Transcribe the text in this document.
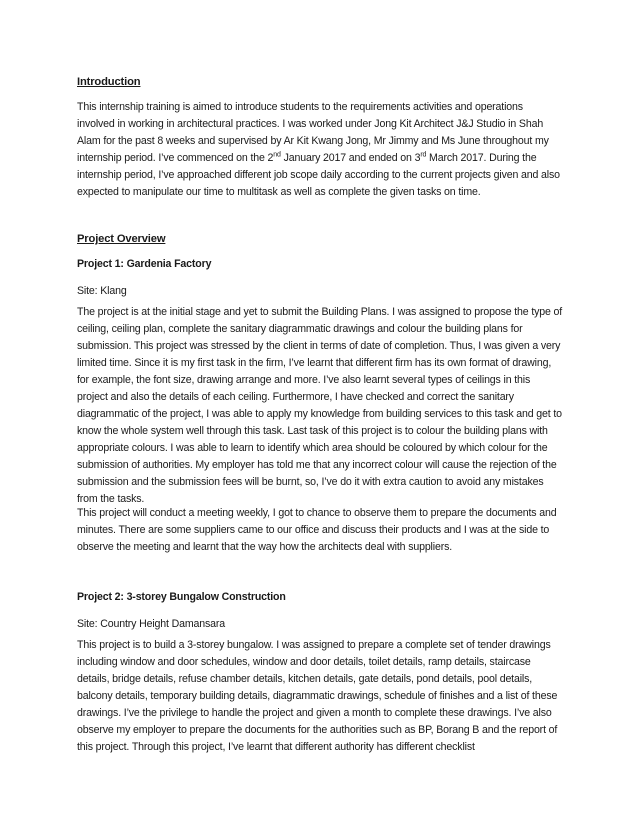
Introduction

This internship training is aimed to introduce students to the requirements activities and operations involved in working in architectural practices. I was worked under Jong Kit Architect J&J Studio in Shah Alam for the past 8 weeks and supervised by Ar Kit Kwang Jong, Mr Jimmy and Ms June throughout my internship period. I’ve commenced on the 2nd January 2017 and ended on 3rd March 2017. During the internship period, I’ve approached different job scope daily according to the current projects given and also expected to manipulate our time to multitask as well as complete the given tasks on time.

Project Overview

Project 1: Gardenia Factory

Site: Klang

The project is at the initial stage and yet to submit the Building Plans. I was assigned to propose the type of ceiling, ceiling plan, complete the sanitary diagrammatic drawings and colour the building plans for submission. This project was stressed by the client in terms of date of completion. Thus, I was given a very limited time. Since it is my first task in the firm, I’ve learnt that different firm has its own format of drawing, for example, the font size, drawing arrange and more. I’ve also learnt several types of ceilings in this project and also the details of each ceiling. Furthermore, I have checked and correct the sanitary diagrammatic of the project, I was able to apply my knowledge from building services to this task and get to know the whole system well through this task. Last task of this project is to colour the building plans with appropriate colours. I was able to learn to identify which area should be coloured by which colour for the submission of authorities. My employer has told me that any incorrect colour will cause the rejection of the submission and the submission fees will be burnt, so, I’ve do it with extra caution to avoid any mistakes from the tasks.

This project will conduct a meeting weekly, I got to chance to observe them to prepare the documents and minutes. There are some suppliers came to our office and discuss their products and I was at the side to observe the meeting and learnt that the way how the architects deal with suppliers.

Project 2: 3-storey Bungalow Construction

Site: Country Height Damansara

This project is to build a 3-storey bungalow. I was assigned to prepare a complete set of tender drawings including window and door schedules, window and door details, toilet details, ramp details, staircase details, bridge details, refuse chamber details, kitchen details, gate details, pond details, pool details, balcony details, temporary building details, diagrammatic drawings, schedule of finishes and a list of these drawings. I’ve the privilege to handle the project and given a month to complete these drawings. I’ve also observe my employer to prepare the documents for the authorities such as BP, Borang B and the report of this project. Through this project, I’ve learnt that different authority has different checklist
